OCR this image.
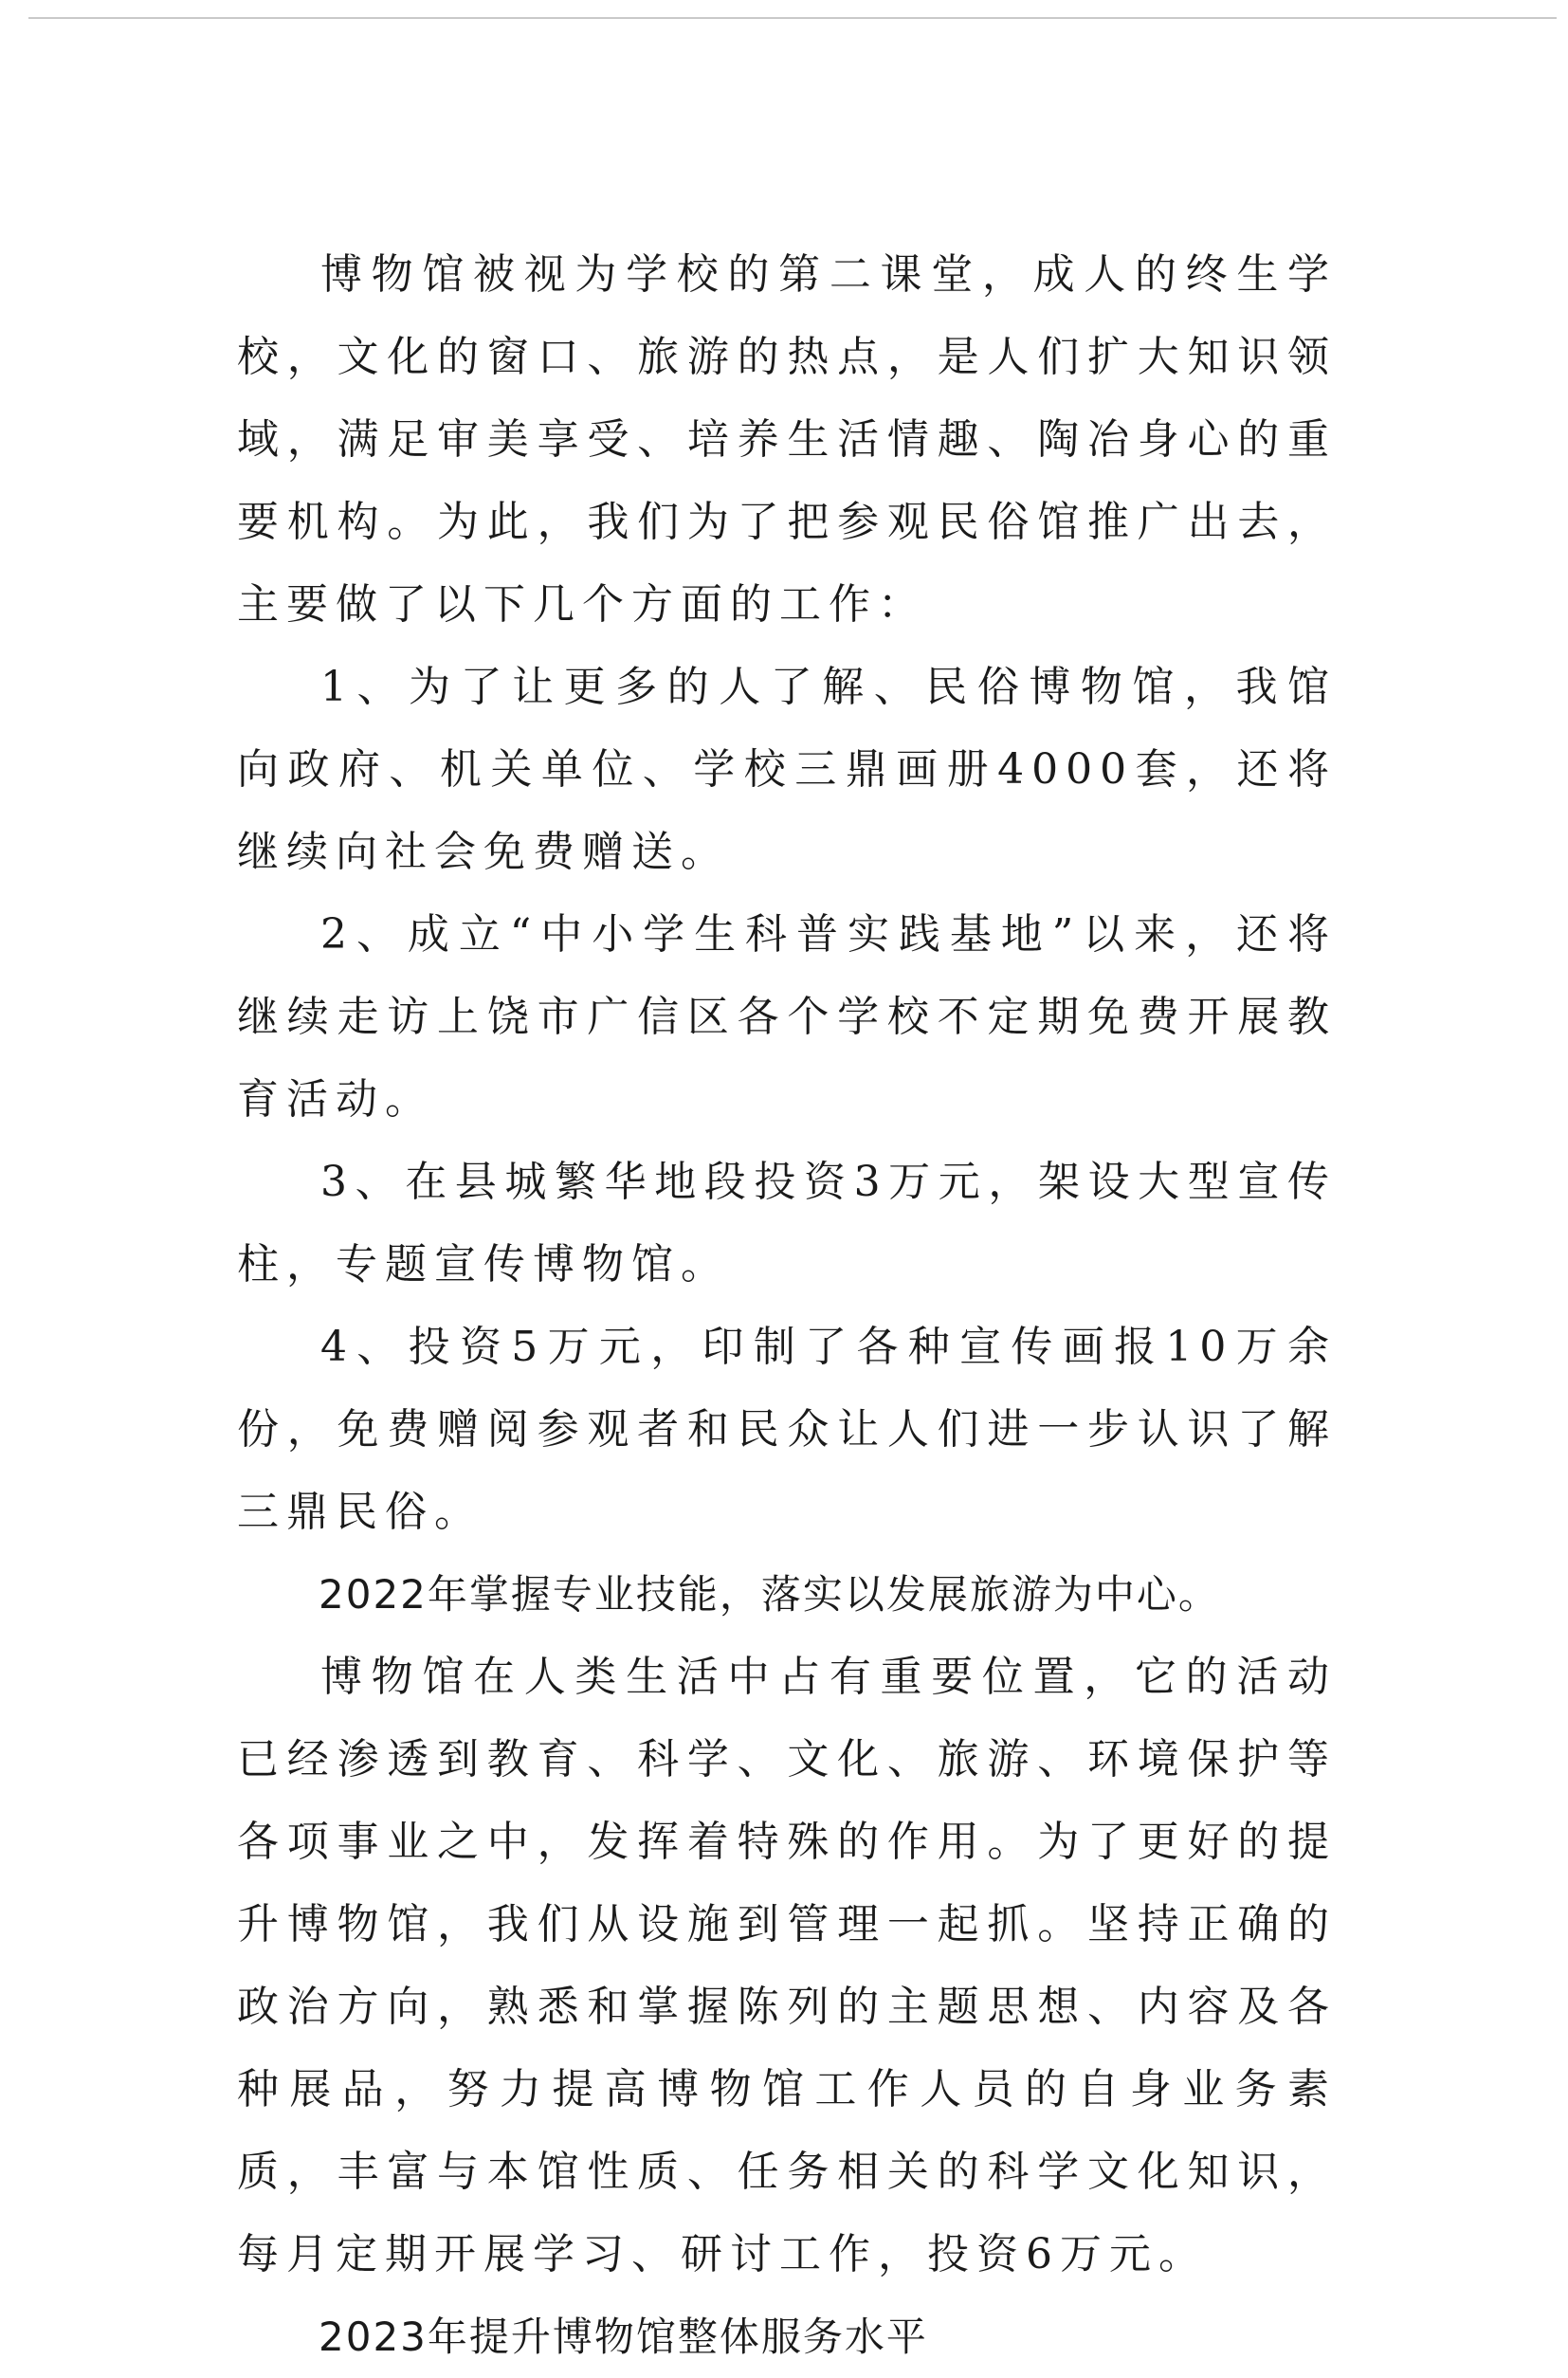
博物馆被视为学校的第二课堂，成人的终生学校，文化的窗口、旅游的热点，是人们扩大知识领域，满足审美享受、培养生活情趣、陶冶身心的重要机构。为此，我们为了把参观民俗馆推广出去，主要做了以下几个方面的工作：

1、为了让更多的人了解、民俗博物馆，我馆向政府、机关单位、学校三鼎画册4000套，还将继续向社会免费赠送。

2、成立“中小学生科普实践基地”以来，还将继续走访上饶市广信区各个学校不定期免费开展教育活动。

3、在县城繁华地段投资3万元，架设大型宣传柱，专题宣传博物馆。

4、投资5万元，印制了各种宣传画报10万余份，免费赠阅参观者和民众让人们进一步认识了解三鼎民俗。

2022年掌握专业技能，落实以发展旅游为中心。

博物馆在人类生活中占有重要位置，它的活动已经渗透到教育、科学、文化、旅游、环境保护等各项事业之中，发挥着特殊的作用。为了更好的提升博物馆，我们从设施到管理一起抓。坚持正确的政治方向，熟悉和掌握陈列的主题思想、内容及各种展品，努力提高博物馆工作人员的自身业务素质，丰富与本馆性质、任务相关的科学文化知识，每月定期开展学习、研讨工作，投资6万元。

2023年提升博物馆整体服务水平
